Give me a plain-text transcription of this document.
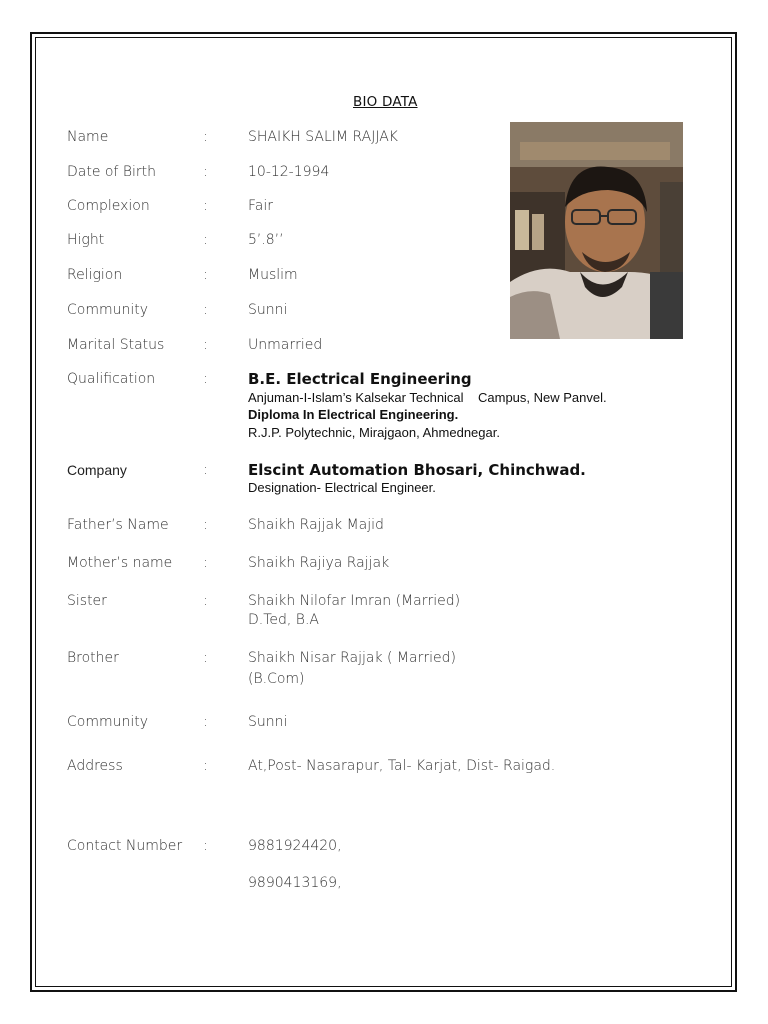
BIO DATA
Name	:	SHAIKH SALIM RAJJAK
Date of Birth	:	10-12-1994
Complexion	:	Fair
Hight	:	5’.8’’
Religion	:	Muslim
Community	:	Sunni
Marital Status	:	Unmarried
Qualification	:	B.E. Electrical Engineering
Anjuman-I-Islam’s Kalsekar Technical    Campus, New Panvel.
Diploma In Electrical Engineering.
R.J.P. Polytechnic, Mirajgaon, Ahmednegar.
Company	:	Elscint Automation Bhosari, Chinchwad.
Designation- Electrical Engineer.
Father’s Name :	Shaikh Rajjak Majid
Mother’s name :	Shaikh Rajiya Rajjak
Sister	:	Shaikh Nilofar Imran (Married)
D.Ted, B.A
Brother	:	Shaikh Nisar Rajjak ( Married)
(B.Com)
Community	:	Sunni
Address	:	At,Post- Nasarapur, Tal- Karjat, Dist- Raigad.
Contact Number :	9881924420,
9890413169,
